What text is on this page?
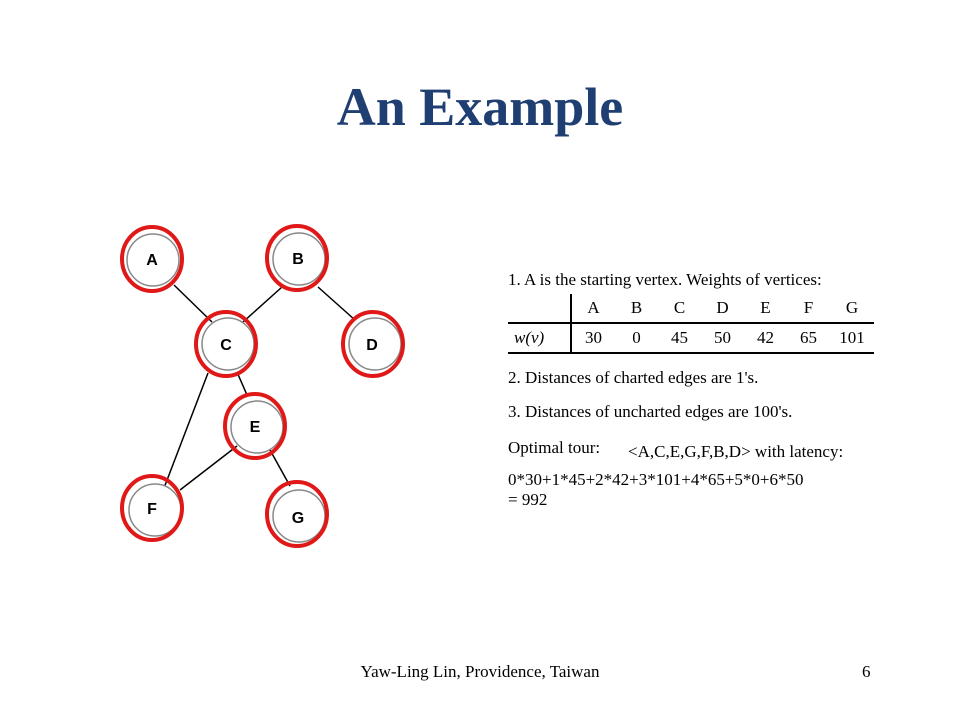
An Example
A	B
C	D
E
F
G
1. A is the starting vertex. Weights of vertices:
	A	B	C	D	E	F	G
w(v)	30	0	45	50	42	65	101
2. Distances of charted edges are 1's.
3. Distances of uncharted edges are 100's.
Optimal tour: <A,C,E,G,F,B,D> with latency:
0*30+1*45+2*42+3*101+4*65+5*0+6*50
= 992
Yaw-Ling Lin, Providence, Taiwan	6
